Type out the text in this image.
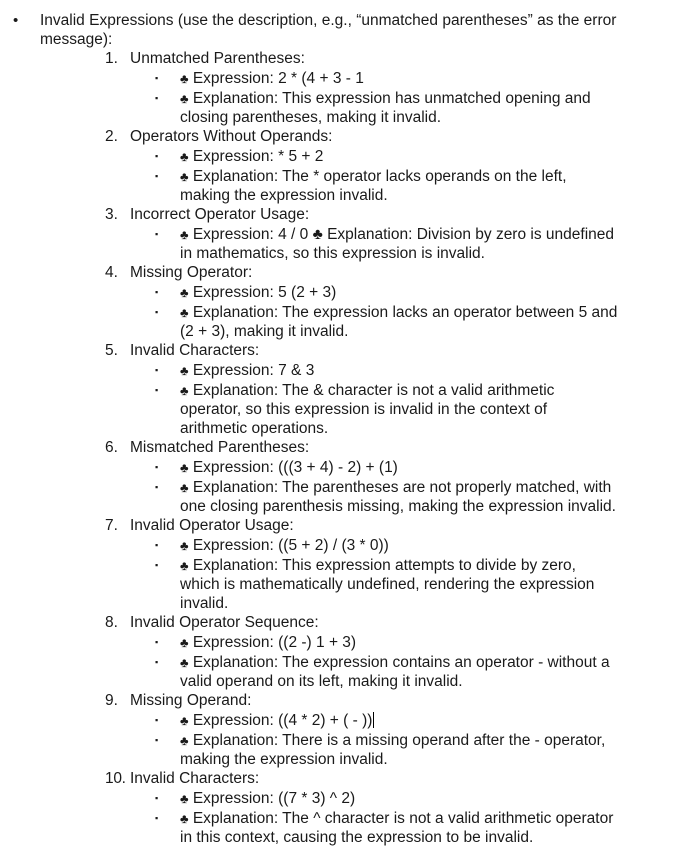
• Invalid Expressions (use the description, e.g., “unmatched parentheses” as the error message):
1. Unmatched Parentheses:
▪ ♣ Expression: 2 * (4 + 3 - 1
▪ ♣ Explanation: This expression has unmatched opening and closing parentheses, making it invalid.
2. Operators Without Operands:
▪ ♣ Expression: * 5 + 2
▪ ♣ Explanation: The * operator lacks operands on the left, making the expression invalid.
3. Incorrect Operator Usage:
▪ ♣ Expression: 4 / 0 ♣ Explanation: Division by zero is undefined in mathematics, so this expression is invalid.
4. Missing Operator:
▪ ♣ Expression: 5 (2 + 3)
▪ ♣ Explanation: The expression lacks an operator between 5 and (2 + 3), making it invalid.
5. Invalid Characters:
▪ ♣ Expression: 7 & 3
▪ ♣ Explanation: The & character is not a valid arithmetic operator, so this expression is invalid in the context of arithmetic operations.
6. Mismatched Parentheses:
▪ ♣ Expression: (((3 + 4) - 2) + (1)
▪ ♣ Explanation: The parentheses are not properly matched, with one closing parenthesis missing, making the expression invalid.
7. Invalid Operator Usage:
▪ ♣ Expression: ((5 + 2) / (3 * 0))
▪ ♣ Explanation: This expression attempts to divide by zero, which is mathematically undefined, rendering the expression invalid.
8. Invalid Operator Sequence:
▪ ♣ Expression: ((2 -) 1 + 3)
▪ ♣ Explanation: The expression contains an operator - without a valid operand on its left, making it invalid.
9. Missing Operand:
▪ ♣ Expression: ((4 * 2) + ( - ))
▪ ♣ Explanation: There is a missing operand after the - operator, making the expression invalid.
10. Invalid Characters:
▪ ♣ Expression: ((7 * 3) ^ 2)
▪ ♣ Explanation: The ^ character is not a valid arithmetic operator in this context, causing the expression to be invalid.
